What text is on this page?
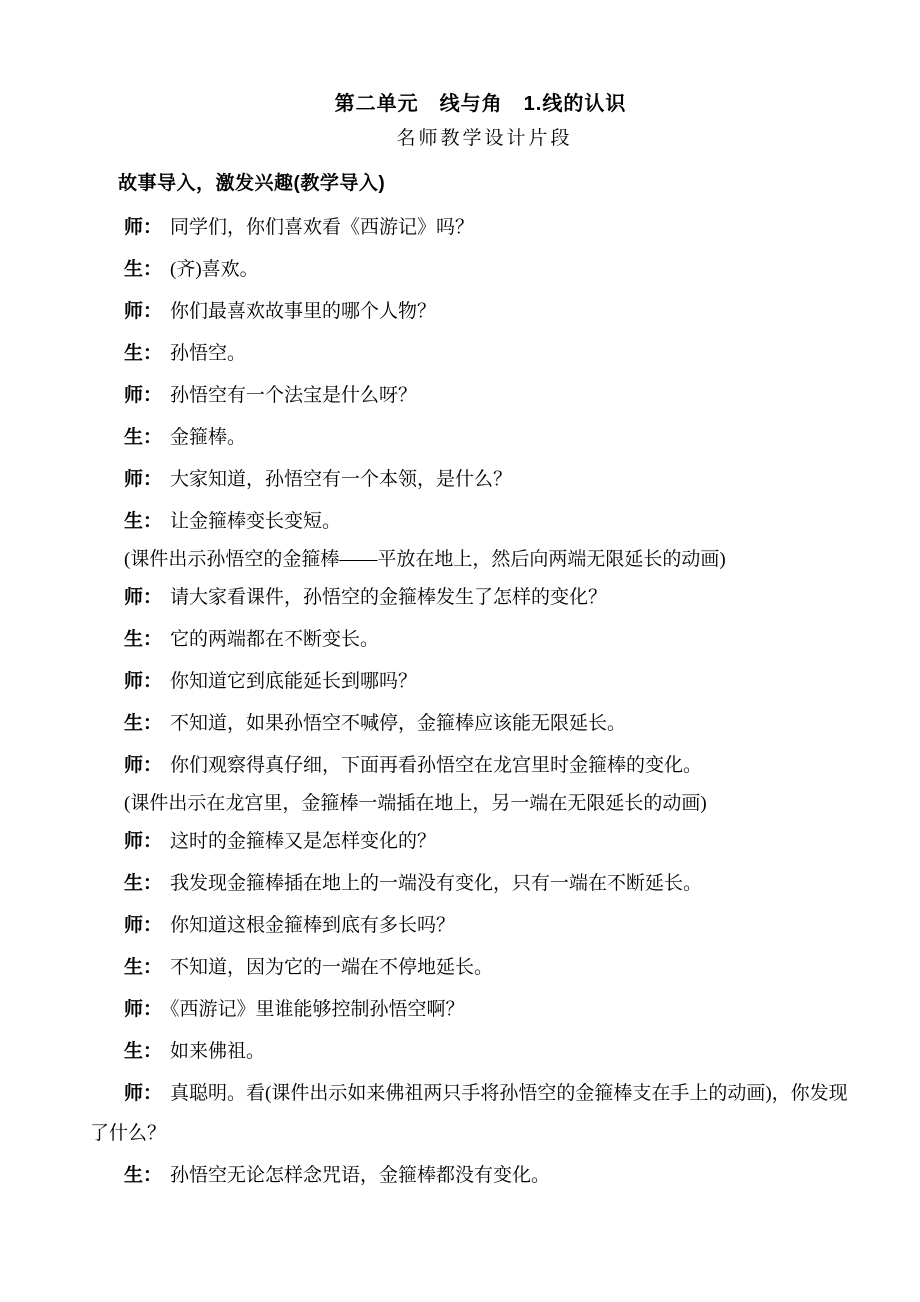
第二单元　线与角　1.线的认识
名师教学设计片段
故事导入，激发兴趣(教学导入)

师： 同学们，你们喜欢看《西游记》吗？

生： (齐)喜欢。

师： 你们最喜欢故事里的哪个人物？

生： 孙悟空。

师： 孙悟空有一个法宝是什么呀？

生： 金箍棒。

师： 大家知道，孙悟空有一个本领，是什么？

生： 让金箍棒变长变短。

(课件出示孙悟空的金箍棒——平放在地上，然后向两端无限延长的动画)

师： 请大家看课件，孙悟空的金箍棒发生了怎样的变化？

生： 它的两端都在不断变长。

师： 你知道它到底能延长到哪吗？

生： 不知道，如果孙悟空不喊停，金箍棒应该能无限延长。

师： 你们观察得真仔细，下面再看孙悟空在龙宫里时金箍棒的变化。

(课件出示在龙宫里，金箍棒一端插在地上，另一端在无限延长的动画)

师： 这时的金箍棒又是怎样变化的？

生： 我发现金箍棒插在地上的一端没有变化，只有一端在不断延长。

师： 你知道这根金箍棒到底有多长吗？

生： 不知道，因为它的一端在不停地延长。

师： 《西游记》里谁能够控制孙悟空啊？

生： 如来佛祖。

师： 真聪明。看(课件出示如来佛祖两只手将孙悟空的金箍棒支在手上的动画)，你发现
了什么？

生： 孙悟空无论怎样念咒语，金箍棒都没有变化。
